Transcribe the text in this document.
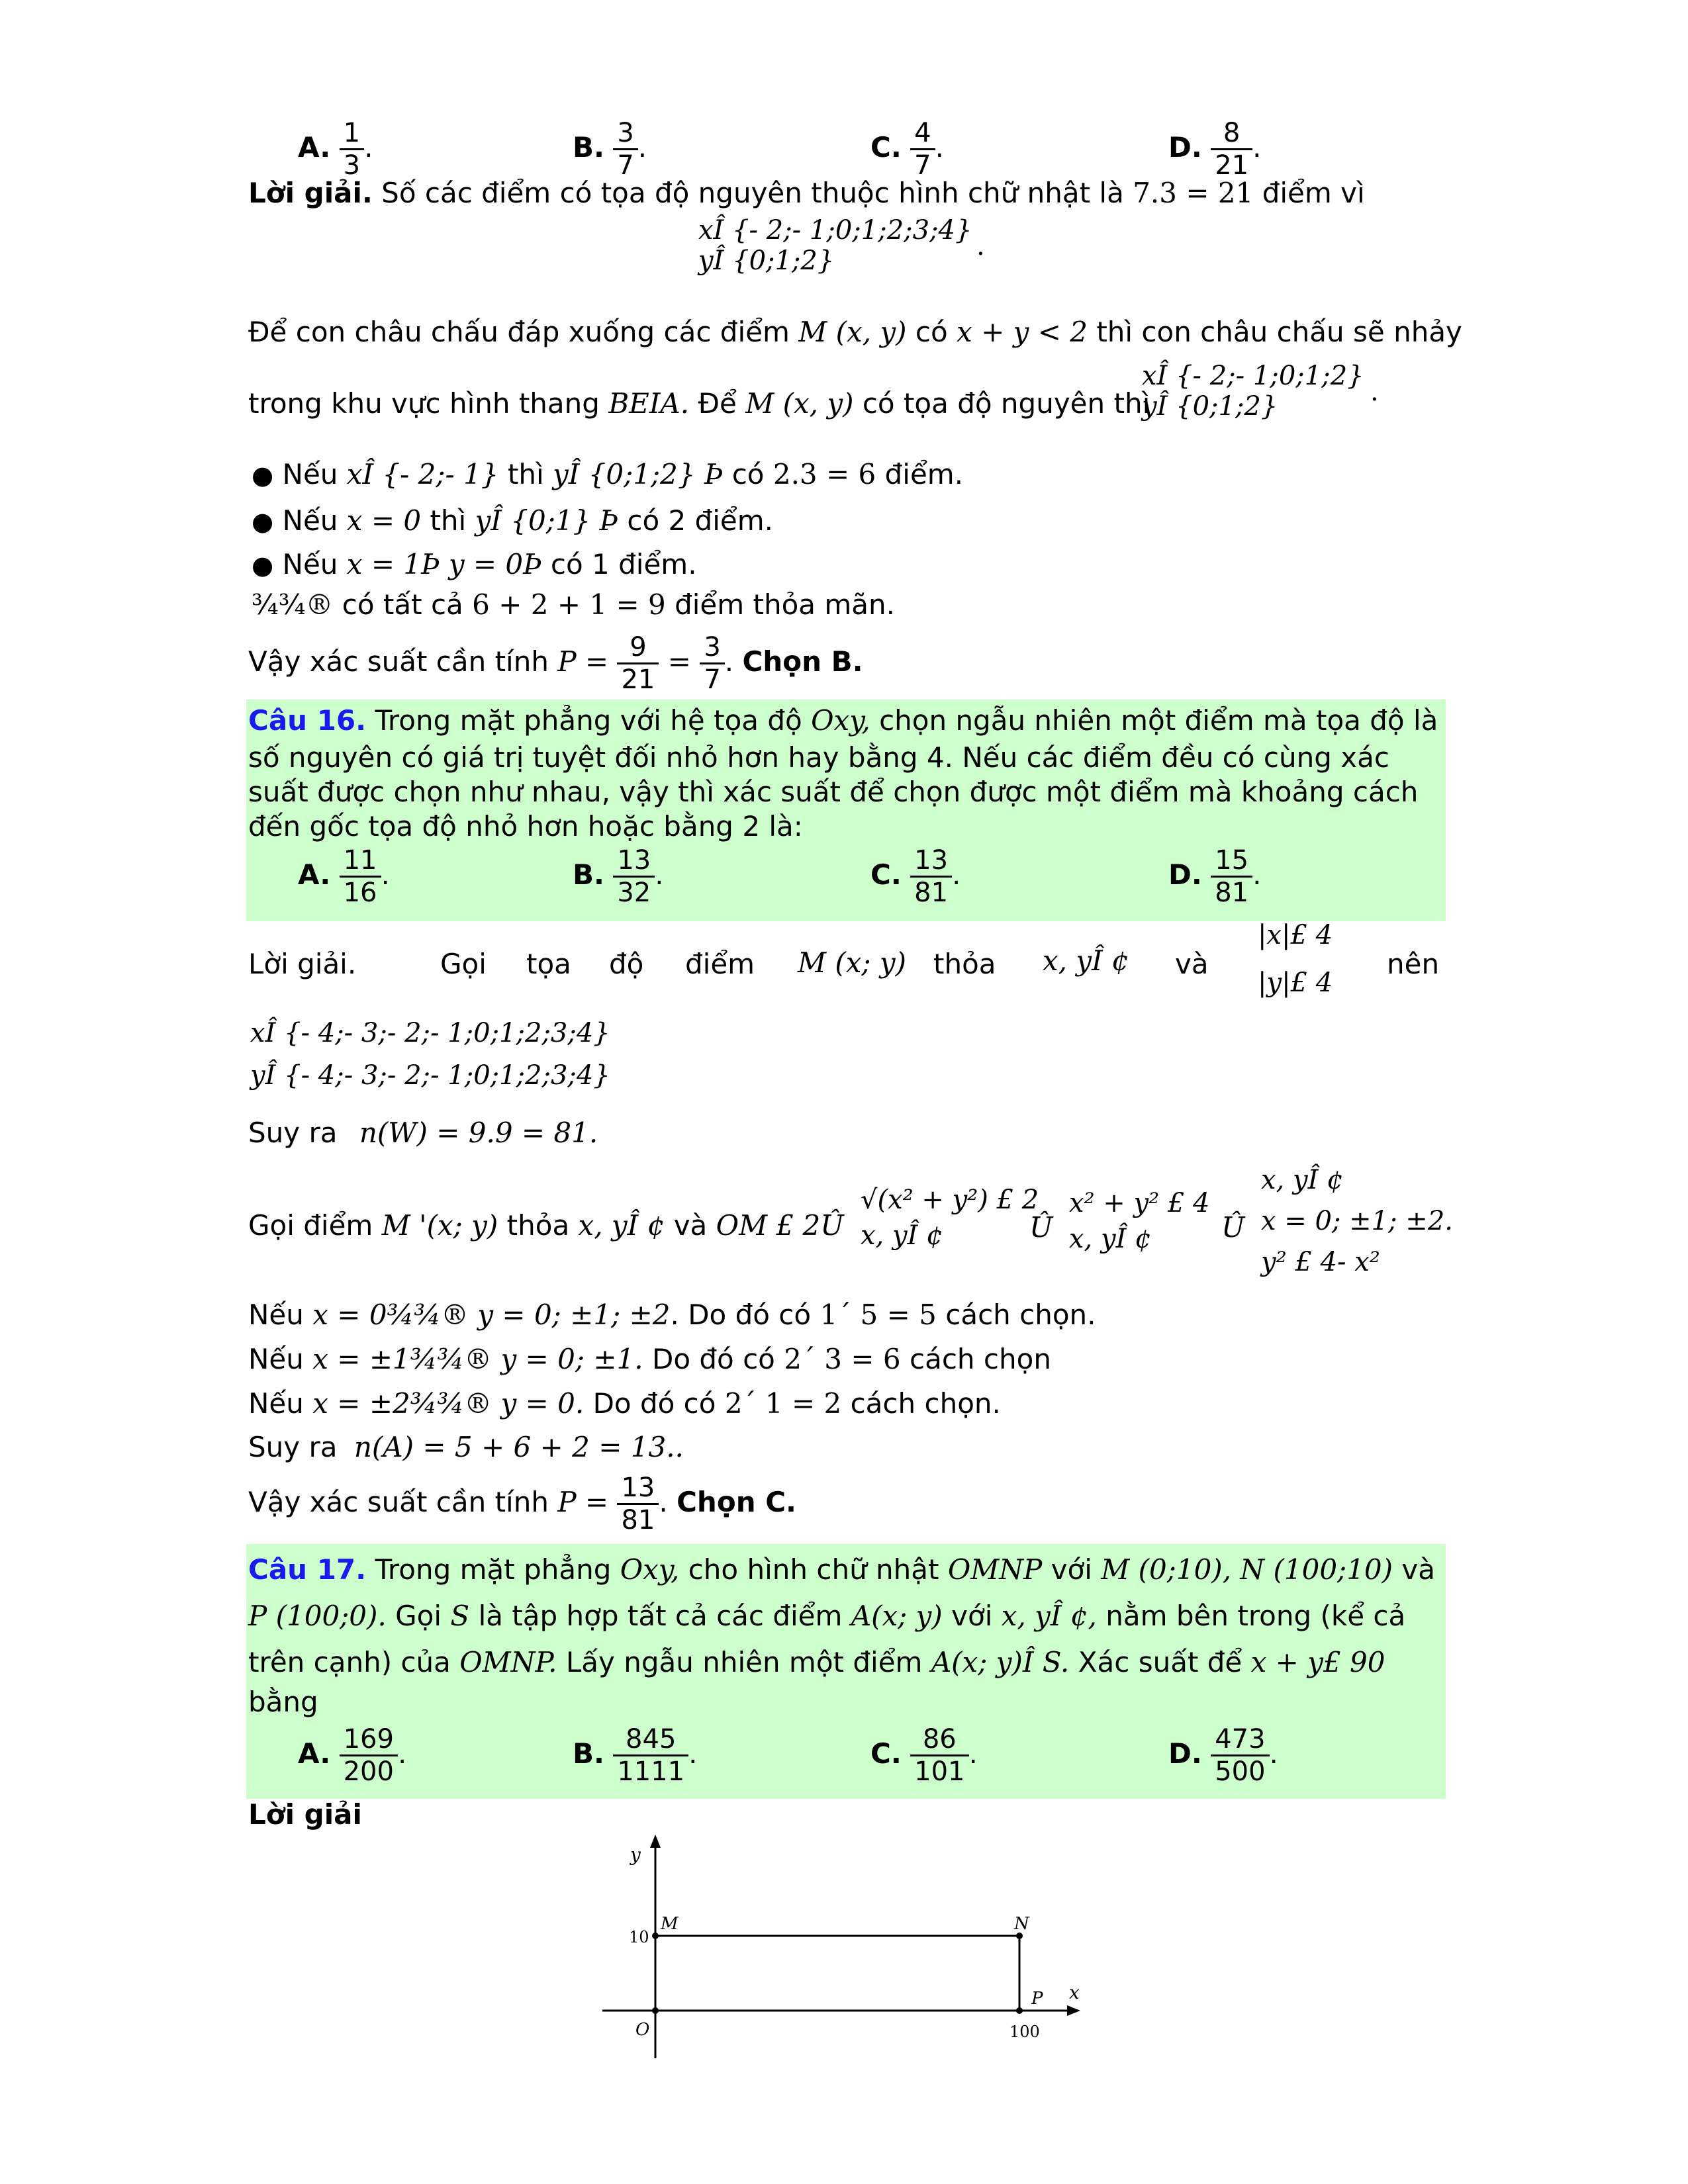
A. $\frac{1}{3}$ .	B. $\frac{3}{7}$ .	C. $\frac{4}{7}$ .	D. $\frac{8}{21}$ .
Lời giải. Số các điểm có tọa độ nguyên thuộc hình chữ nhật là 7.3 = 21 điểm vì
xÎ {- 2;- 1;0;1;2;3;4}
yÎ {0;1;2}	.
Để con châu chấu đáp xuống các điểm M (x, y) có x + y < 2 thì con châu chấu sẽ nhảy
trong khu vực hình thang BEIA. Để M (x, y) có tọa độ nguyên thì
xÎ {- 2;- 1;0;1;2}
yÎ {0;1;2}	.
● Nếu xÎ {- 2;- 1} thì yÎ {0;1;2} Þ có 2.3 = 6 điểm.
● Nếu x = 0 thì yÎ {0;1} Þ có 2 điểm.
● Nếu x = 1Þ y = 0Þ có 1 điểm.
¾¾® có tất cả 6 + 2 + 1 = 9 điểm thỏa mãn.
Vậy xác suất cần tính $P = \frac{9}{21} = \frac{3}{7}$ . Chọn B.
Câu 16. Trong mặt phẳng với hệ tọa độ Oxy, chọn ngẫu nhiên một điểm mà tọa độ là
số nguyên có giá trị tuyệt đối nhỏ hơn hay bằng 4. Nếu các điểm đều có cùng xác
suất được chọn như nhau, vậy thì xác suất để chọn được một điểm mà khoảng cách
đến gốc tọa độ nhỏ hơn hoặc bằng 2 là:
A. $\frac{11}{16}$ .	B. $\frac{13}{32}$ .	C. $\frac{13}{81}$ .	D. $\frac{15}{81}$ .
Lời giải.	Gọi tọa độ điểm M (x; y) thỏa x, yÎ ¢ và
|x|£ 4
|y|£ 4
nên
xÎ {- 4;- 3;- 2;- 1;0;1;2;3;4}
yÎ {- 4;- 3;- 2;- 1;0;1;2;3;4}
Suy ra n(W) = 9.9 = 81.
Gọi điểm M '(x; y) thỏa x, yÎ ¢ và OM £ 2Û
√(x² + y²) £ 2
x, yÎ ¢	Û
x² + y² £ 4
x, yÎ ¢	Û
x, yÎ ¢
x = 0; ±1; ±2.
y² £ 4- x²
Nếu x = 0¾¾® y = 0; ±1; ±2. Do đó có 1´ 5 = 5 cách chọn.
Nếu x = ±1¾¾® y = 0; ±1. Do đó có 2´ 3 = 6 cách chọn
Nếu x = ±2¾¾® y = 0. Do đó có 2´ 1 = 2 cách chọn.
Suy ra n(A) = 5 + 6 + 2 = 13..
Vậy xác suất cần tính $P = \frac{13}{81}$ . Chọn C.
Câu 17. Trong mặt phẳng Oxy, cho hình chữ nhật OMNP với M (0;10), N (100;10) và
P (100;0). Gọi S là tập hợp tất cả các điểm A(x; y) với x, yÎ ¢, nằm bên trong (kể cả
trên cạnh) của OMNP. Lấy ngẫu nhiên một điểm A(x; y)Î S. Xác suất để x + y£ 90
bằng
A. $\frac{169}{200}$ .	B. $\frac{845}{1111}$ .	C. $\frac{86}{101}$ .	D. $\frac{473}{500}$ .
Lời giải
y
x
O
10
100
M	N
P
